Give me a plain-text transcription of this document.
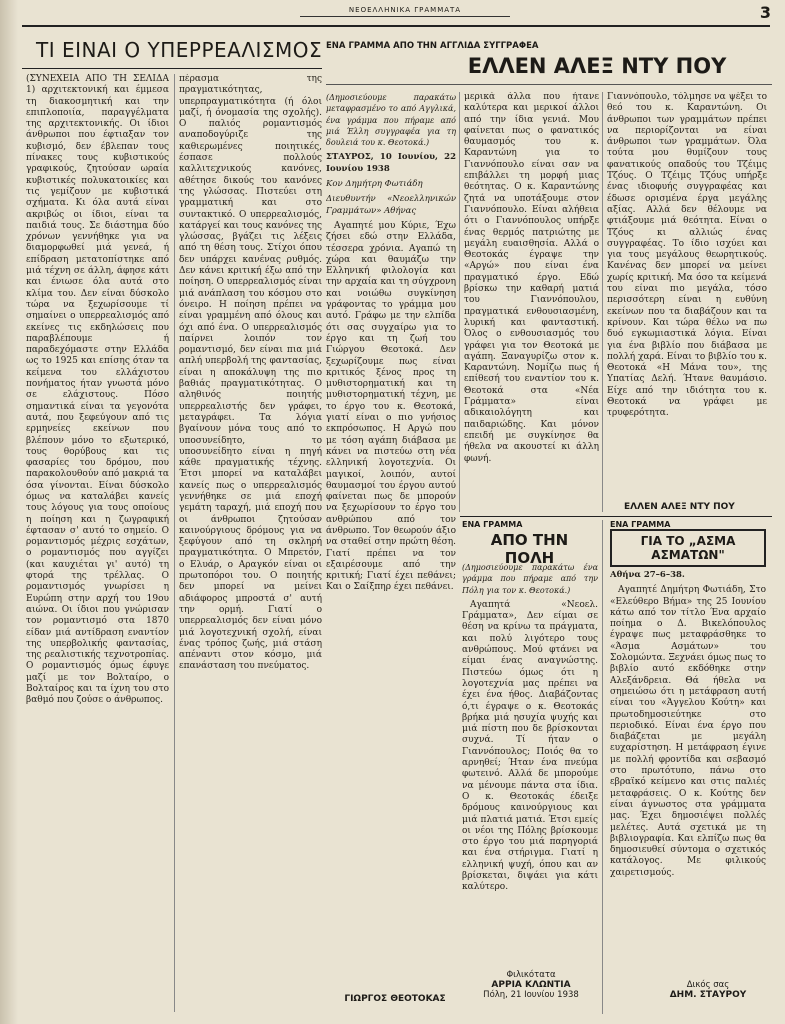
ΝΕΟΕΛΛΗΝΙΚΑ ΓΡΑΜΜΑΤΑ	3
ΤΙ ΕΙΝΑΙ Ο ΥΠΕΡΡΕΑΛΙΣΜΟΣ
(ΣΥΝΕΧΕΙΑ ΑΠΟ ΤΗ ΣΕΛΙΔΑ 1) αρχιτεκτονική και έμμεσα τη διακοσμητική και την επιπλοποιία, παραγγέλματα της αρχιτεκτονικής. Οι ίδιοι άνθρωποι που έφτιαξαν τον κυβισμό, δεν έβλεπαν τους πίνακες τους κυβιστικούς γραφικούς, ζητούσαν ωραία κυβιστικές πολυκατοικίες και τις γεμίζουν με κυβιστικά σχήματα. Κι όλα αυτά είναι ακριβώς οι ίδιοι, είναι τα παιδιά τους. Σε διάστημα δύο χρόνων γεννήθηκε για να διαμορφωθεί μιά γενεά, ή επίδραση μετατοπίστηκε από μιά τέχνη σε άλλη, άφησε κάτι και ένιωσε όλα αυτά στο κλίμα του. Δεν είναι δύσκολο τώρα να ξεχωρίσουμε τί σημαίνει ο υπερρεαλισμός από εκείνες τις εκδηλώσεις που παραβλέπουμε ή παραδεχόμαστε στην Ελλάδα ως το 1925 και επίσης όταν τα κείμενα του ελλάχιστου πονήματος ήταν γνωστά μόνο σε ελάχιστους. Πόσο σημαντικά είναι τα γεγονότα αυτά, που ξεφεύγουν από τις ερμηνείες εκείνων που βλέπουν μόνο το εξωτερικό, τους θορύβους και τις φασαρίες του δρόμου, που παρακολουθούν από μακριά τα όσα γίνονται. Είναι δύσκολο όμως να καταλάβει κανείς τους λόγους για τους οποίους η ποίηση και η ζωγραφική έφτασαν σ' αυτό το σημείο. Ο ρομαντισμός μέχρις εσχάτων, ο ρομαντισμός που αγγίζει (και καυχιέται γι' αυτό) τη φτορά της τρέλλας. Ο ρομαντισμός γνωρίσει η Ευρώπη στην αρχή του 19ου αιώνα. Οι ίδιοι που γνώρισαν τον ρομαντισμό στα 1870 είδαν μιά αντίδραση εναντίον της υπερβολικής φαντασίας, της ρεαλιστικής τεχνοτροπίας. Ο ρομαντισμός όμως έφυγε μαζί με τον Βολταίρο, ο Βολταίρος και τα ίχνη του στο βαθμό που ζούσε ο άνθρωπος.
πέρασμα της πραγματικότητας, υπερπραγματικότητα (ή όλοι μαζί, ή όνομασία της σχολής). Ο παλιός ρομαντισμός αναποδογύριζε της καθιερωμένες ποιητικές, έσπασε πολλούς καλλιτεχνικούς κανόνες, αθέτησε δικούς του κανόνες της γλώσσας. Πιστεύει στη γραμματική και στο συντακτικό. Ο υπερρεαλισμός, κατάργεί και τους κανόνες της γλώσσας, βγάζει τις λέξεις από τη θέση τους. Στίχοι όπου δεν υπάρχει κανένας ρυθμός. Δεν κάνει κριτική έξω από την ποίηση. Ο υπερρεαλισμός είναι μιά ανάπλαση του κόσμου στο όνειρο. Η ποίηση πρέπει να είναι γραμμένη από όλους και όχι από ένα. Ο υπερρεαλισμός παίρνει λοιπόν τον ρομαντισμό, δεν είναι πια μιά απλή υπερβολή της φαντασίας, είναι η αποκάλυψη της πιο βαθιάς πραγματικότητας. Ο αληθινός ποιητής υπερρεαλιστής δεν γράφει, μεταγράφει. Τα λόγια βγαίνουν μόνα τους από το υποσυνείδητο, το υποσυνείδητο είναι η πηγή κάθε πραγματικής τέχνης. Έτσι μπορεί να καταλάβει κανείς πως ο υπερρεαλισμός γεννήθηκε σε μιά εποχή γεμάτη ταραχή, μιά εποχή που οι άνθρωποι ζητούσαν καινούργιους δρόμους για να ξεφύγουν από τη σκληρή πραγματικότητα. Ο Μπρετόν, ο Ελυάρ, ο Αραγκόν είναι οι πρωτοπόροι του. Ο ποιητής δεν μπορεί να μείνει αδιάφορος μπροστά σ' αυτή την ορμή. Γιατί ο υπερρεαλισμός δεν είναι μόνο μιά λογοτεχνική σχολή, είναι ένας τρόπος ζωής, μιά στάση απέναντι στον κόσμο, μιά επανάσταση του πνεύματος.
ΓΙΩΡΓΟΣ ΘΕΟΤΟΚΑΣ
ΕΝΑ ΓΡΑΜΜΑ ΑΠΟ ΤΗΝ ΑΓΓΛΙΔΑ ΣΥΓΓΡΑΦΕΑ
ΕΛΛΕΝ ΑΛΕΞ ΝΤΥ ΠΟΥ

(Δημοσιεύουμε παρακάτω μεταφρασμένο το από Αγγλικά, ένα γράμμα που πήραμε από μιά Έλλη συγγραφέα για τη δουλειά του κ. Θεοτοκά.)

ΣΤΑΥΡΟΣ, 10 Ιουνίου, 22 Ιουνίου 1938

Κον Δημήτρη Φωτιάδη

Διευθυντήν «Νεοελληνικών Γραμμάτων» Αθήνας

Αγαπητέ μου Κύριε, Έχω ζήσει εδώ στην Ελλάδα, τέσσερα χρόνια. Αγαπώ τη χώρα και θαυμάζω την Ελληνική φιλολογία και την αρχαία και τη σύγχρονη και νοιώθω συγκίνηση γράφοντας το γράμμα μου αυτό. Γράφω με την ελπίδα ότι σας συγχαίρω για το έργο και τη ζωή του Γιώργου Θεοτοκά. Δεν ξεχωρίζουμε πως είναι κριτικός ξένος προς τη μυθιστορηματική και τη μυθιστορηματική τέχνη, με το έργο του κ. Θεοτοκά, γιατί είναι ο πιο γνήσιος εκπρόσωπος. Η Αργώ που με τόση αγάπη διάβασα με κάνει να πιστεύω στη νέα ελληνική λογοτεχνία. Οι μαγικοί, λοιπόν, αυτοί θαυμασμοί του έργου αυτού φαίνεται πως δε μπορούν να ξεχωρίσουν το έργο του ανθρώπου από τον άνθρωπο. Τον θεωρούν άξιο να σταθεί στην πρώτη θέση. Γιατί πρέπει να τον εξαιρέσουμε από την κριτική; Γιατί έχει πεθάνει; Και ο Σαίξπηρ έχει πεθάνει.

μερικά άλλα που ήτανε καλύτερα και μερικοί άλλοι από την ίδια γενιά. Μου φαίνεται πως ο φανατικός θαυμασμός του κ. Καραντώνη για το Γιαννόπουλο είναι σαν να επιβάλλει τη μορφή μιας θεότητας. Ο κ. Καραντώνης ζητά να υποτάξουμε στον Γιαννόπουλο. Είναι αλήθεια ότι ο Γιαννόπουλος υπήρξε ένας θερμός πατριώτης με μεγάλη ευαισθησία. Αλλά ο Θεοτοκάς έγραψε την «Αργώ» που είναι ένα πραγματικό έργο. Εδώ βρίσκω την καθαρή ματιά του Γιαννόπουλου, πραγματικά ενθουσιασμένη, λυρική και φανταστική. Όλος ο ενθουσιασμός του γράφει για τον Θεοτοκά με αγάπη. Ξαναγυρίζω στον κ. Καραντώνη. Νομίζω πως ή επίθεσή του εναντίον του κ. Θεοτοκά στα «Νέα Γράμματα» είναι αδικαιολόγητη και παιδαριώδης. Και μόνον επειδή με συγκίνησε θα ήθελα να ακουστεί κι άλλη φωνή.
Γιαννόπουλο, τόλμησε να ψέξει το θεό του κ. Καραντώνη. Οι άνθρωποι των γραμμάτων πρέπει να περιορίζονται να είναι άνθρωποι των γραμμάτων. Όλα τούτα μου θυμίζουν τους φανατικούς οπαδούς του Τζέιμς Τζόυς. Ο Τζέιμς Τζόυς υπήρξε ένας ιδιοφυής συγγραφέας και έδωσε ορισμένα έργα μεγάλης αξίας. Αλλά δεν θέλουμε να φτιάξουμε μιά θεότητα. Είναι ο Τζόυς κι αλλιώς ένας συγγραφέας. Το ίδιο ισχύει και για τους μεγάλους θεωρητικούς. Κανένας δεν μπορεί να μείνει χωρίς κριτική. Μα όσο τα κείμενά του είναι πιο μεγάλα, τόσο περισσότερη είναι η ευθύνη εκείνων που τα διαβάζουν και τα κρίνουν. Και τώρα θέλω να πω δυό εγκωμιαστικά λόγια. Είναι για ένα βιβλίο που διάβασα με πολλή χαρά. Είναι το βιβλίο του κ. Θεοτοκά «Η Μάνα του», της Υπατίας Δελή. Ήτανε θαυμάσιο. Είχε από την ιδιότητα του κ. Θεοτοκά να γράφει με τρυφερότητα.
ΕΛΛΕΝ ΑΛΕΞ ΝΤΥ ΠΟΥ
ΕΝΑ ΓΡΑΜΜΑ
ΑΠΟ ΤΗΝ ΠΟΛΗ

(Δημοσιεύουμε παρακάτω ένα γράμμα που πήραμε από την Πόλη για τον κ. Θεοτοκά.)

Αγαπητά «Νεοελ. Γράμματα», Δεν είμαι σε θέση να κρίνω τα πράγματα, και πολύ λιγότερο τους ανθρώπους. Μού φτάνει να είμαι ένας αναγνώστης. Πιστεύω όμως ότι η λογοτεχνία μας πρέπει να έχει ένα ήθος. Διαβάζοντας ό,τι έγραψε ο κ. Θεοτοκάς βρήκα μιά ησυχία ψυχής και μιά πίστη που δε βρίσκονται συχνά. Τί ήταν ο Γιαννόπουλος; Ποιός θα το αρνηθεί; Ήταν ένα πνεύμα φωτεινό. Αλλά δε μπορούμε να μένουμε πάντα στα ίδια. Ο κ. Θεοτοκάς έδειξε δρόμους καινούργιους και μιά πλατιά ματιά. Έτσι εμείς οι νέοι της Πόλης βρίσκουμε στο έργο του μιά παρηγοριά και ένα στήριγμα. Γιατί η ελληνική ψυχή, όπου και αν βρίσκεται, διψάει για κάτι καλύτερο.

Φιλικότατα
ΑΡΡΙΑ ΚΛΩΝΤΙΑ
Πόλη, 21 Ιουνίου 1938
ΕΝΑ ΓΡΑΜΜΑ
ΓΙΑ ΤΟ „ΑΣΜΑ ΑΣΜΑΤΩΝ"

Αθήνα 27–6–38.

Αγαπητέ Δημήτρη Φωτιάδη, Στο «Ελεύθερο Βήμα» της 25 Ιουνίου κάτω από τον τίτλο Ένα αρχαίο ποίημα ο Δ. Βικελόπουλος έγραψε πως μεταφράσθηκε το «Άσμα Ασμάτων» του Σολομώντα. Ξεχνάει όμως πως το βιβλίο αυτό εκδόθηκε στην Αλεξάνδρεια. Θά ήθελα να σημειώσω ότι η μετάφραση αυτή είναι του «Άγγελου Κούτη» και πρωτοδημοσιεύτηκε στο περιοδικό. Είναι ένα έργο που διαβάζεται με μεγάλη ευχαρίστηση. Η μετάφραση έγινε με πολλή φροντίδα και σεβασμό στο πρωτότυπο, πάνω στο εβραϊκό κείμενο και στις παλιές μεταφράσεις. Ο κ. Κούτης δεν είναι άγνωστος στα γράμματα μας. Έχει δημοσιέψει πολλές μελέτες. Αυτά σχετικά με τη βιβλιογραφία. Και ελπίζω πως θα δημοσιευθεί σύντομα ο σχετικός κατάλογος. Με φιλικούς χαιρετισμούς.

Δικός σας
ΔΗΜ. ΣΤΑΥΡΟΥ
